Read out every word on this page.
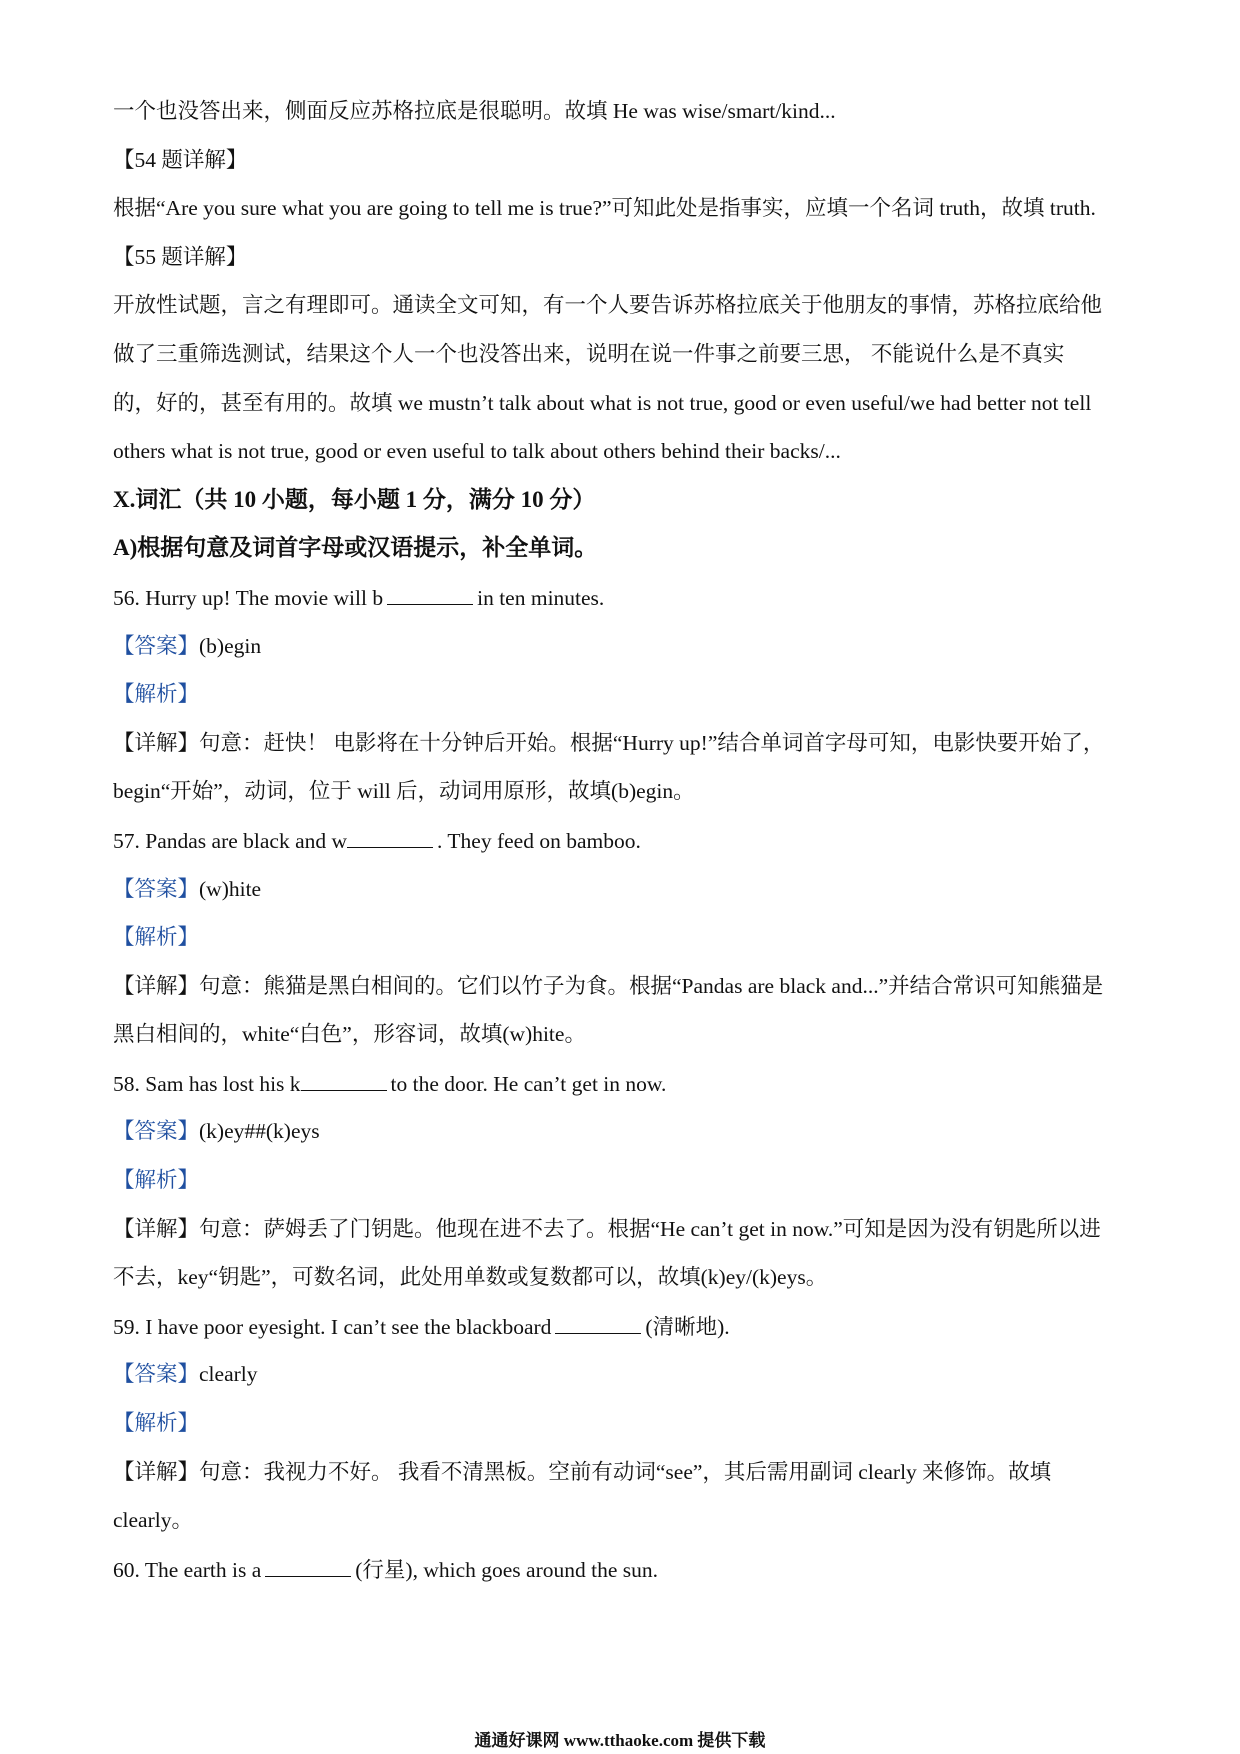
一个也没答出来，侧面反应苏格拉底是很聪明。故填 He was wise/smart/kind...
【54 题详解】
根据“Are you sure what you are going to tell me is true?”可知此处是指事实，应填一个名词 truth，故填 truth.
【55 题详解】
开放性试题，言之有理即可。通读全文可知，有一个人要告诉苏格拉底关于他朋友的事情，苏格拉底给他
做了三重筛选测试，结果这个人一个也没答出来，说明在说一件事之前要三思， 不能说什么是不真实
的，好的，甚至有用的。故填 we mustn’t talk about what is not true, good or even useful/we had better not tell
others what is not true, good or even useful to talk about others behind their backs/...
X.词汇（共 10 小题，每小题 1 分，满分 10 分）
A)根据句意及词首字母或汉语提示，补全单词。
56. Hurry up! The movie will b	in ten minutes.
【答案】(b)egin
【解析】
【详解】句意：赶快！ 电影将在十分钟后开始。根据“Hurry up!”结合单词首字母可知，电影快要开始了，
begin“开始”，动词，位于 will 后，动词用原形，故填(b)egin。
57. Pandas are black and w	. They feed on bamboo.
【答案】(w)hite
【解析】
【详解】句意：熊猫是黑白相间的。它们以竹子为食。根据“Pandas are black and...”并结合常识可知熊猫是
黑白相间的，white“白色”，形容词，故填(w)hite。
58. Sam has lost his k	to the door. He can’t get in now.
【答案】(k)ey##(k)eys
【解析】
【详解】句意：萨姆丢了门钥匙。他现在进不去了。根据“He can’t get in now.”可知是因为没有钥匙所以进
不去，key“钥匙”，可数名词，此处用单数或复数都可以，故填(k)ey/(k)eys。
59. I have poor eyesight. I can’t see the blackboard	(清晰地).
【答案】clearly
【解析】
【详解】句意：我视力不好。 我看不清黑板。空前有动词“see”，其后需用副词 clearly 来修饰。故填
clearly。
60. The earth is a	(行星), which goes around the sun.
通通好课网 www.tthaoke.com 提供下载
